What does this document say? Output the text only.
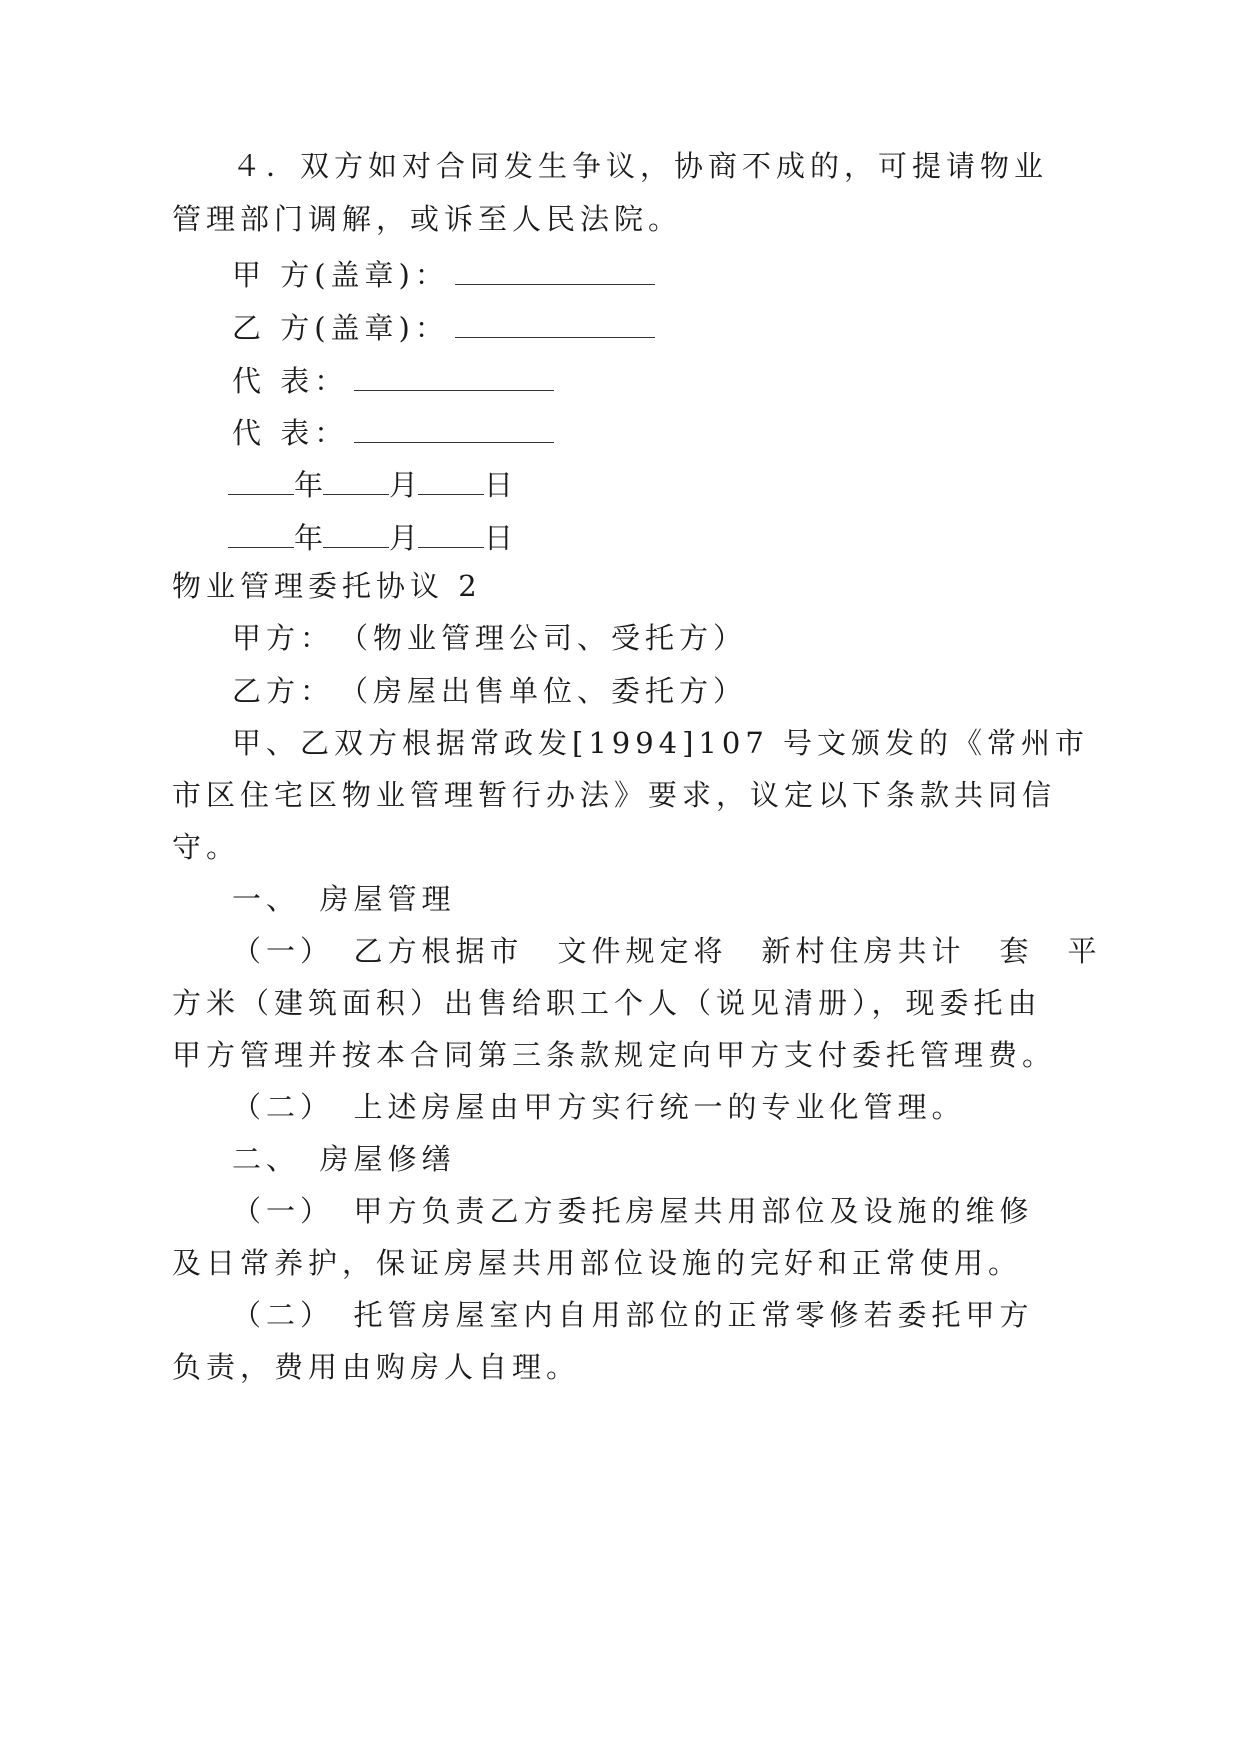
４．双方如对合同发生争议，协商不成的，可提请物业
管理部门调解，或诉至人民法院。
甲 方(盖章)：
乙 方(盖章)：
代 表：
代 表：
年 月 日
年 月 日
物业管理委托协议 2
甲方：　（物业管理公司、受托方）
乙方：　（房屋出售单位、委托方）
甲、乙双方根据常政发[1994]107 号文颁发的《常州市
市区住宅区物业管理暂行办法》要求，议定以下条款共同信
守。
一、　房屋管理
（一）　乙方根据市　文件规定将　新村住房共计　套　平
方米（建筑面积）出售给职工个人（说见清册），现委托由
甲方管理并按本合同第三条款规定向甲方支付委托管理费。
（二）　上述房屋由甲方实行统一的专业化管理。
二、　房屋修缮
（一）　甲方负责乙方委托房屋共用部位及设施的维修
及日常养护，保证房屋共用部位设施的完好和正常使用。
（二）　托管房屋室内自用部位的正常零修若委托甲方
负责，费用由购房人自理。
